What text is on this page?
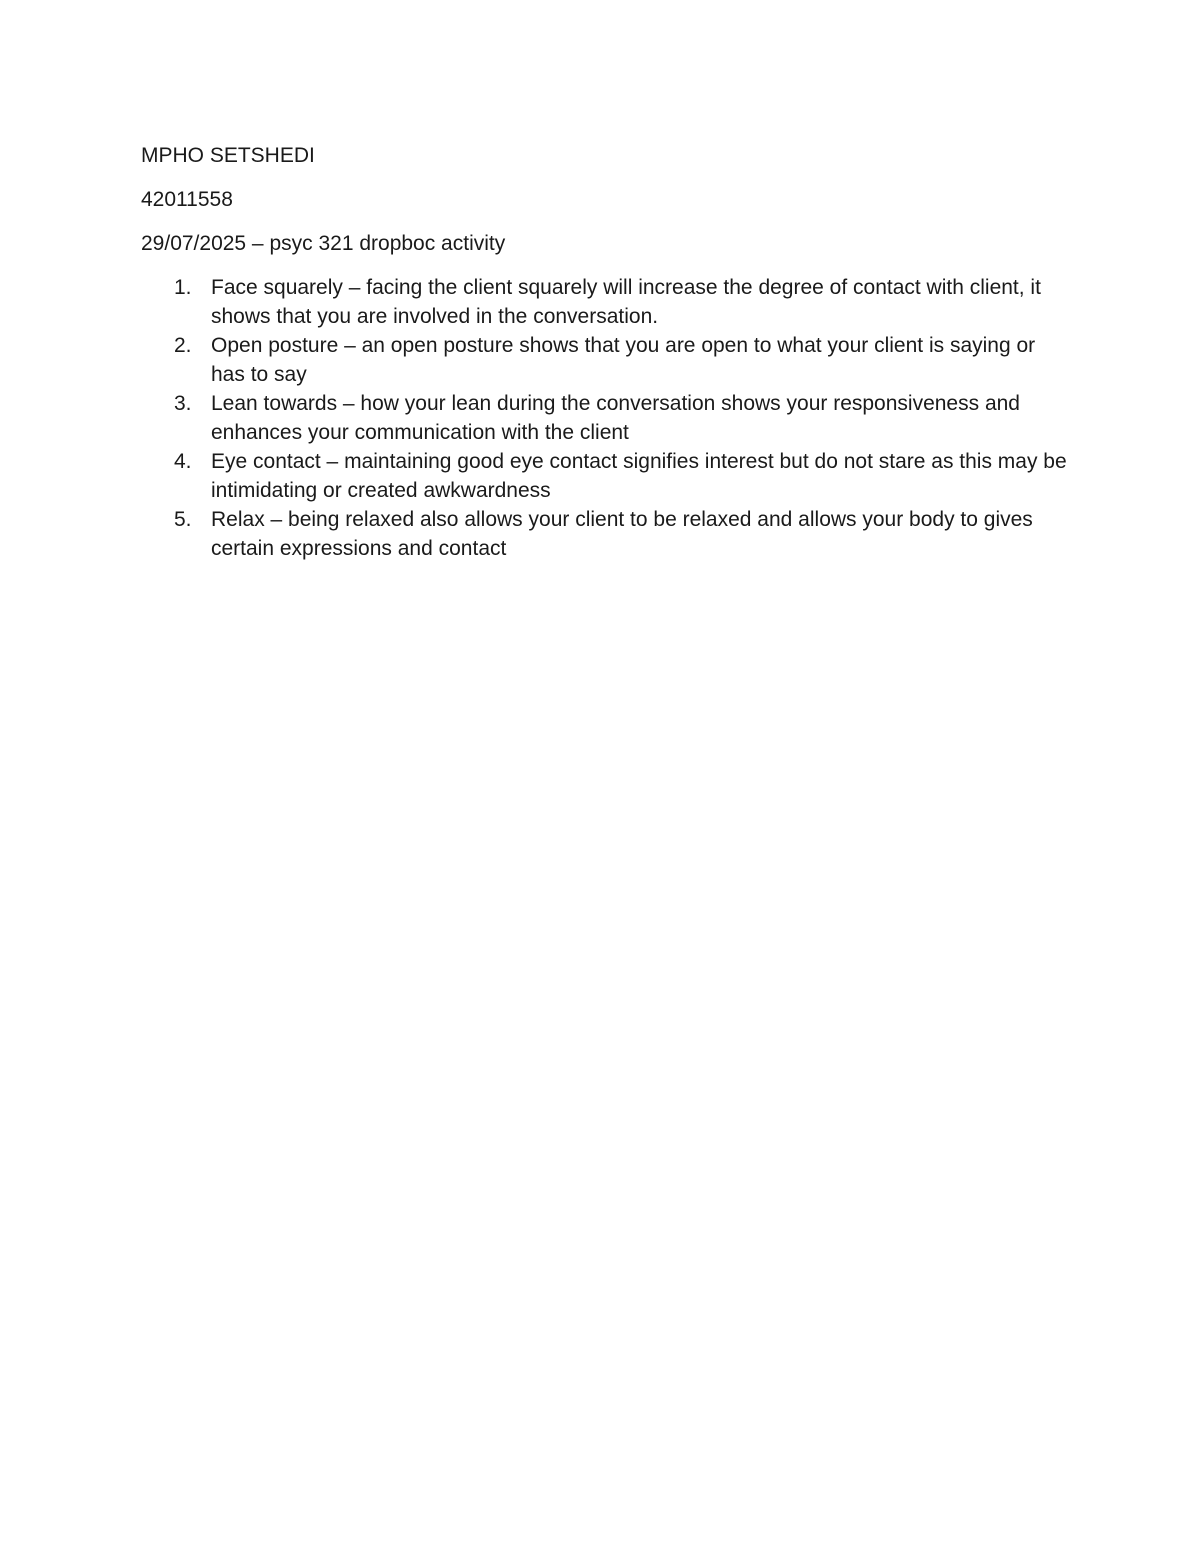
MPHO SETSHEDI

42011558

29/07/2025 – psyc 321 dropboc activity

1. Face squarely – facing the client squarely will increase the degree of contact with client, it shows that you are involved in the conversation.
2. Open posture – an open posture shows that you are open to what your client is saying or has to say
3. Lean towards – how your lean during the conversation shows your responsiveness and enhances your communication with the client
4. Eye contact – maintaining good eye contact signifies interest but do not stare as this may be intimidating or created awkwardness
5. Relax – being relaxed also allows your client to be relaxed and allows your body to gives certain expressions and contact
